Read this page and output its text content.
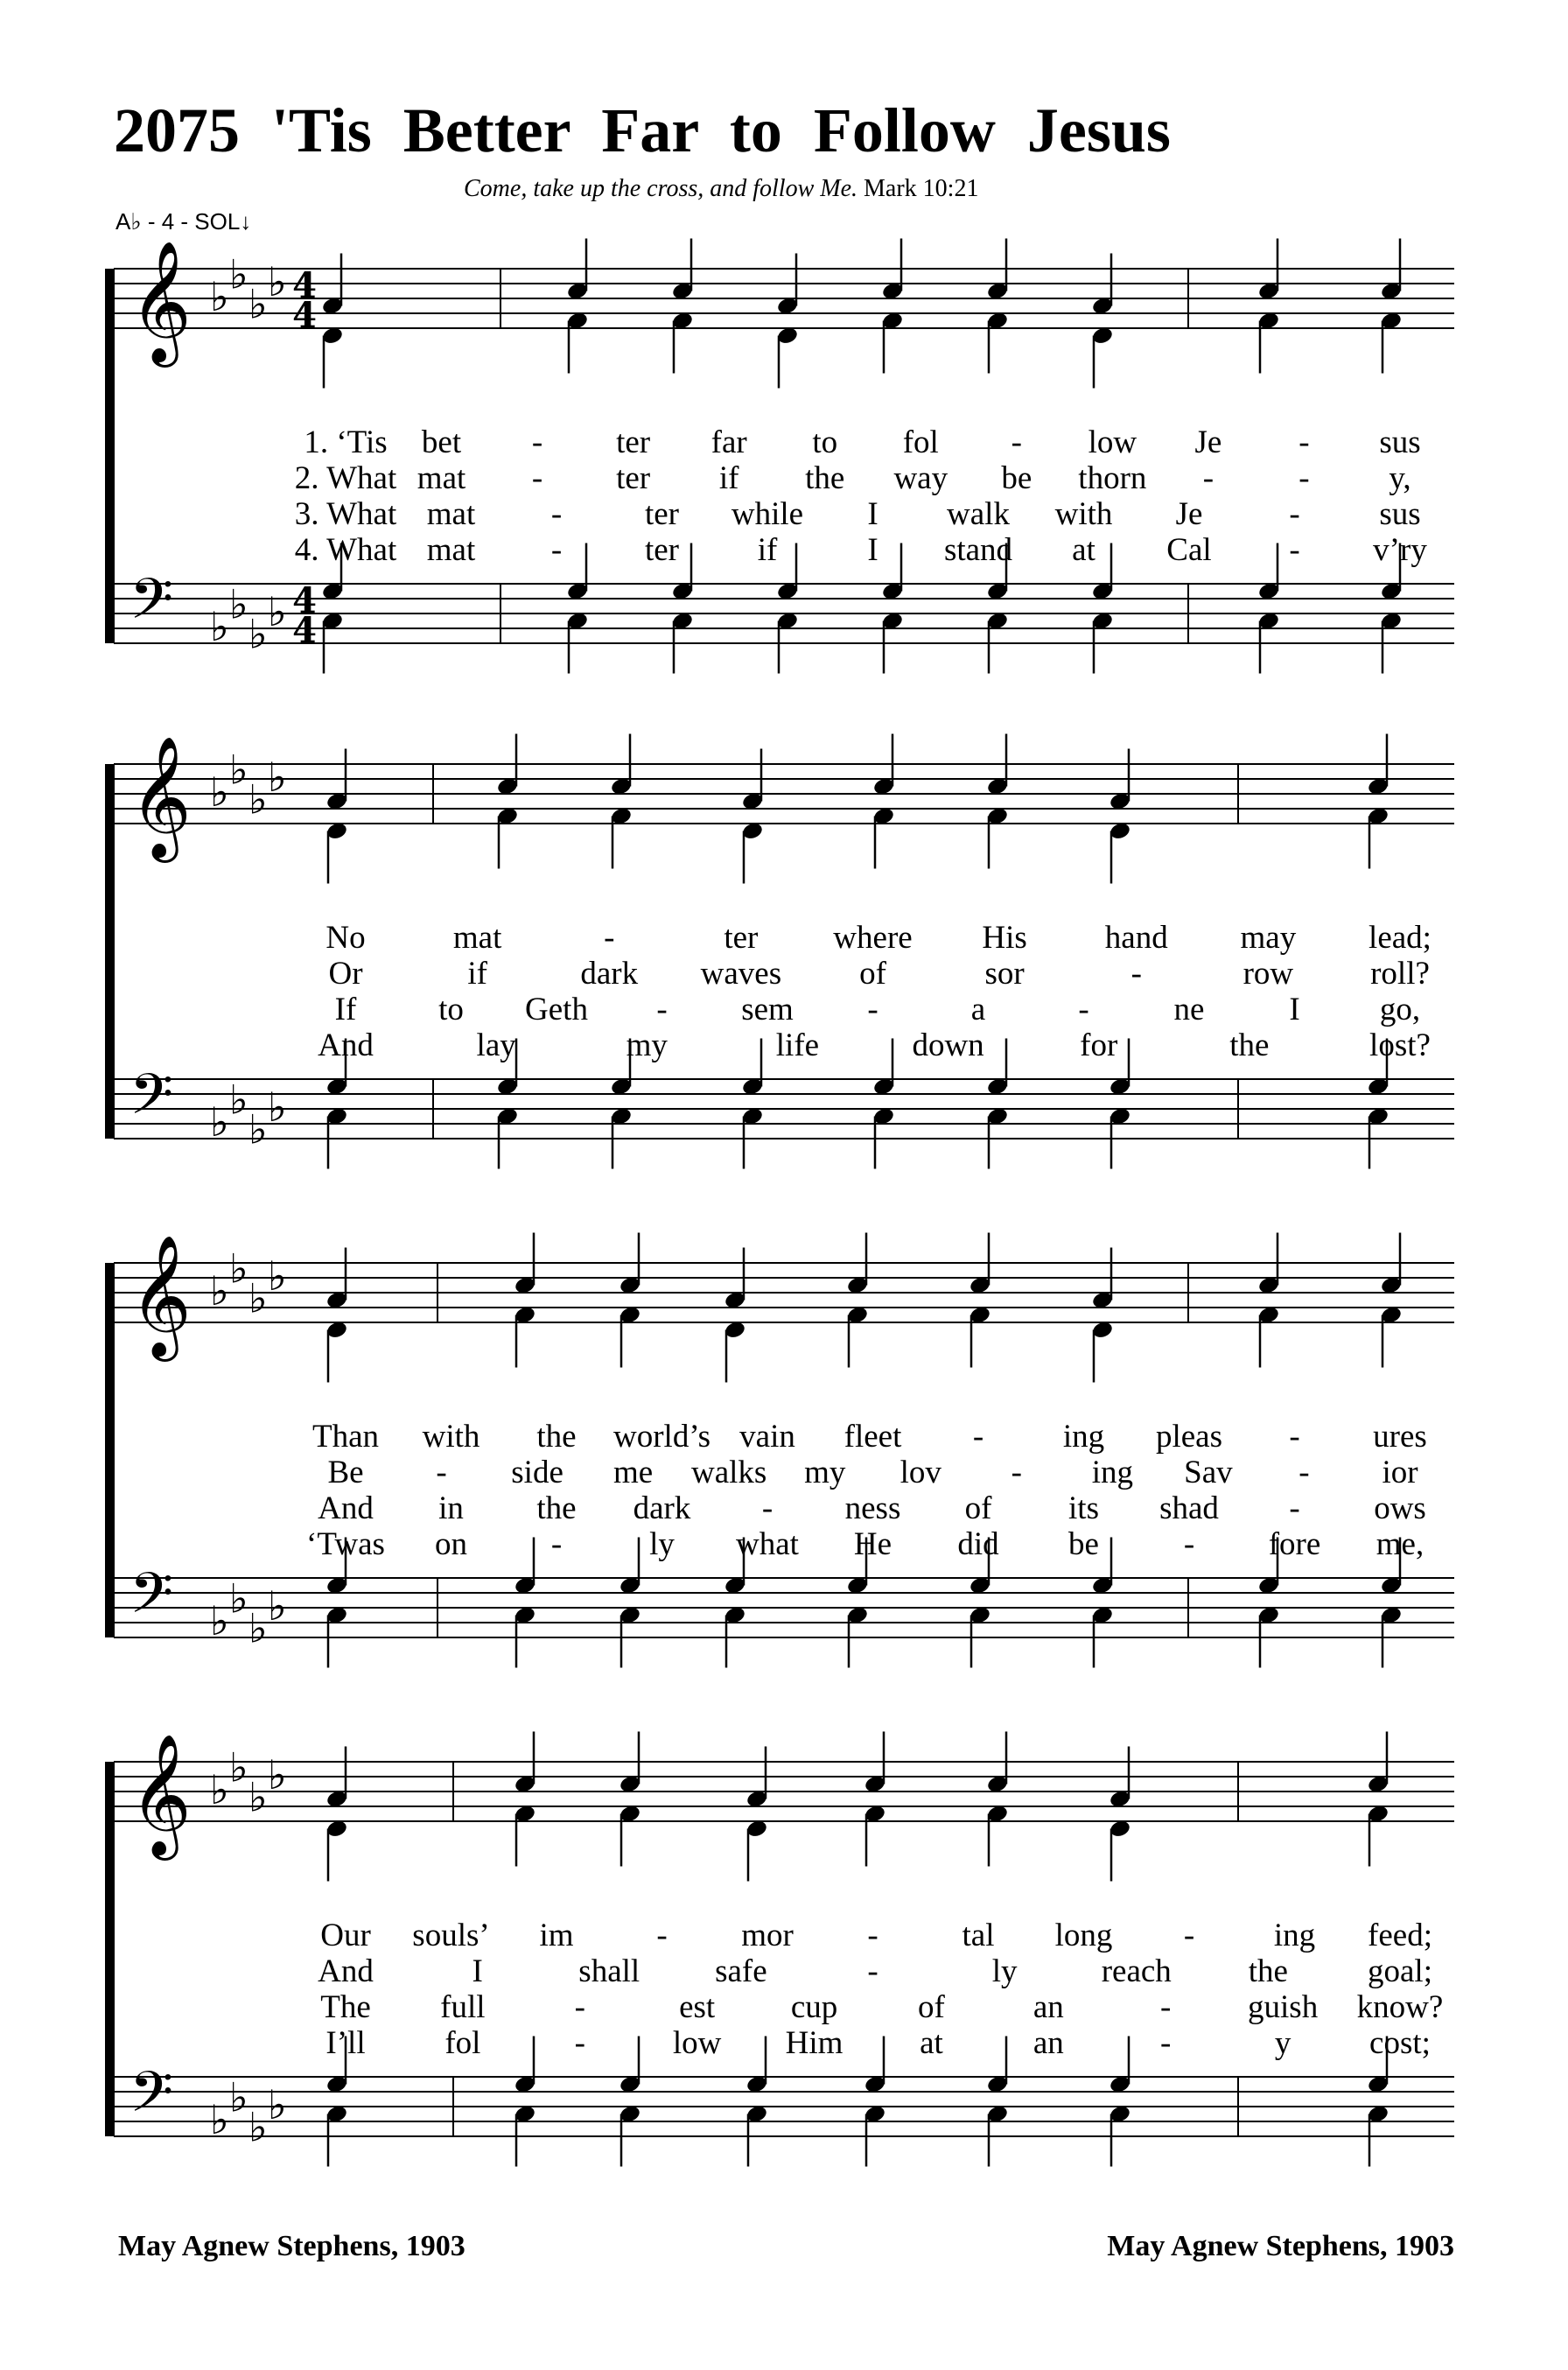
2075 'Tis Better Far to Follow Jesus
Come, take up the cross, and follow Me. Mark 10:21
A♭ - 4 - SOL↓
𝄞 ♭ ♭
♭ ♭ 4
4
𝄢 ♭ ♭
♭ ♭ 4
4
𝄞 ♭ ♭
♭ ♭
𝄢 ♭ ♭
♭ ♭
𝄞 ♭ ♭
♭ ♭
𝄢 ♭ ♭
♭ ♭
𝄞 ♭ ♭
♭ ♭
𝄢 ♭ ♭
♭ ♭
1. ‘Tis bet - ter far to fol - low Je - sus
2. What mat - ter if the way be thorn -	- y,
3. What mat -	ter while I walk with Je	- sus
4. What mat -	ter if	I stand at Cal - v’ry
No	mat	-	ter where His hand may lead;
Or	if	dark waves of	sor	-	row roll?
If	to Geth - sem -	a	-	ne	I go,
And	lay	my	life	down	for	the	lost?
Than with the world’s vain fleet - ing pleas - ures
Be - side me walks my lov - ing Sav - ior
And in the dark - ness of its shad - ows
‘Twas on	-	ly what He did be	- fore me,
Our souls’ im	- mor -	tal long - ing feed;
And	I	shall safe	-	ly	reach the goal;
The full	-	est cup of	an	- guish know?
I’ll fol	-	low Him at	an	-	y cost;
May Agnew Stephens, 1903	May Agnew Stephens, 1903
